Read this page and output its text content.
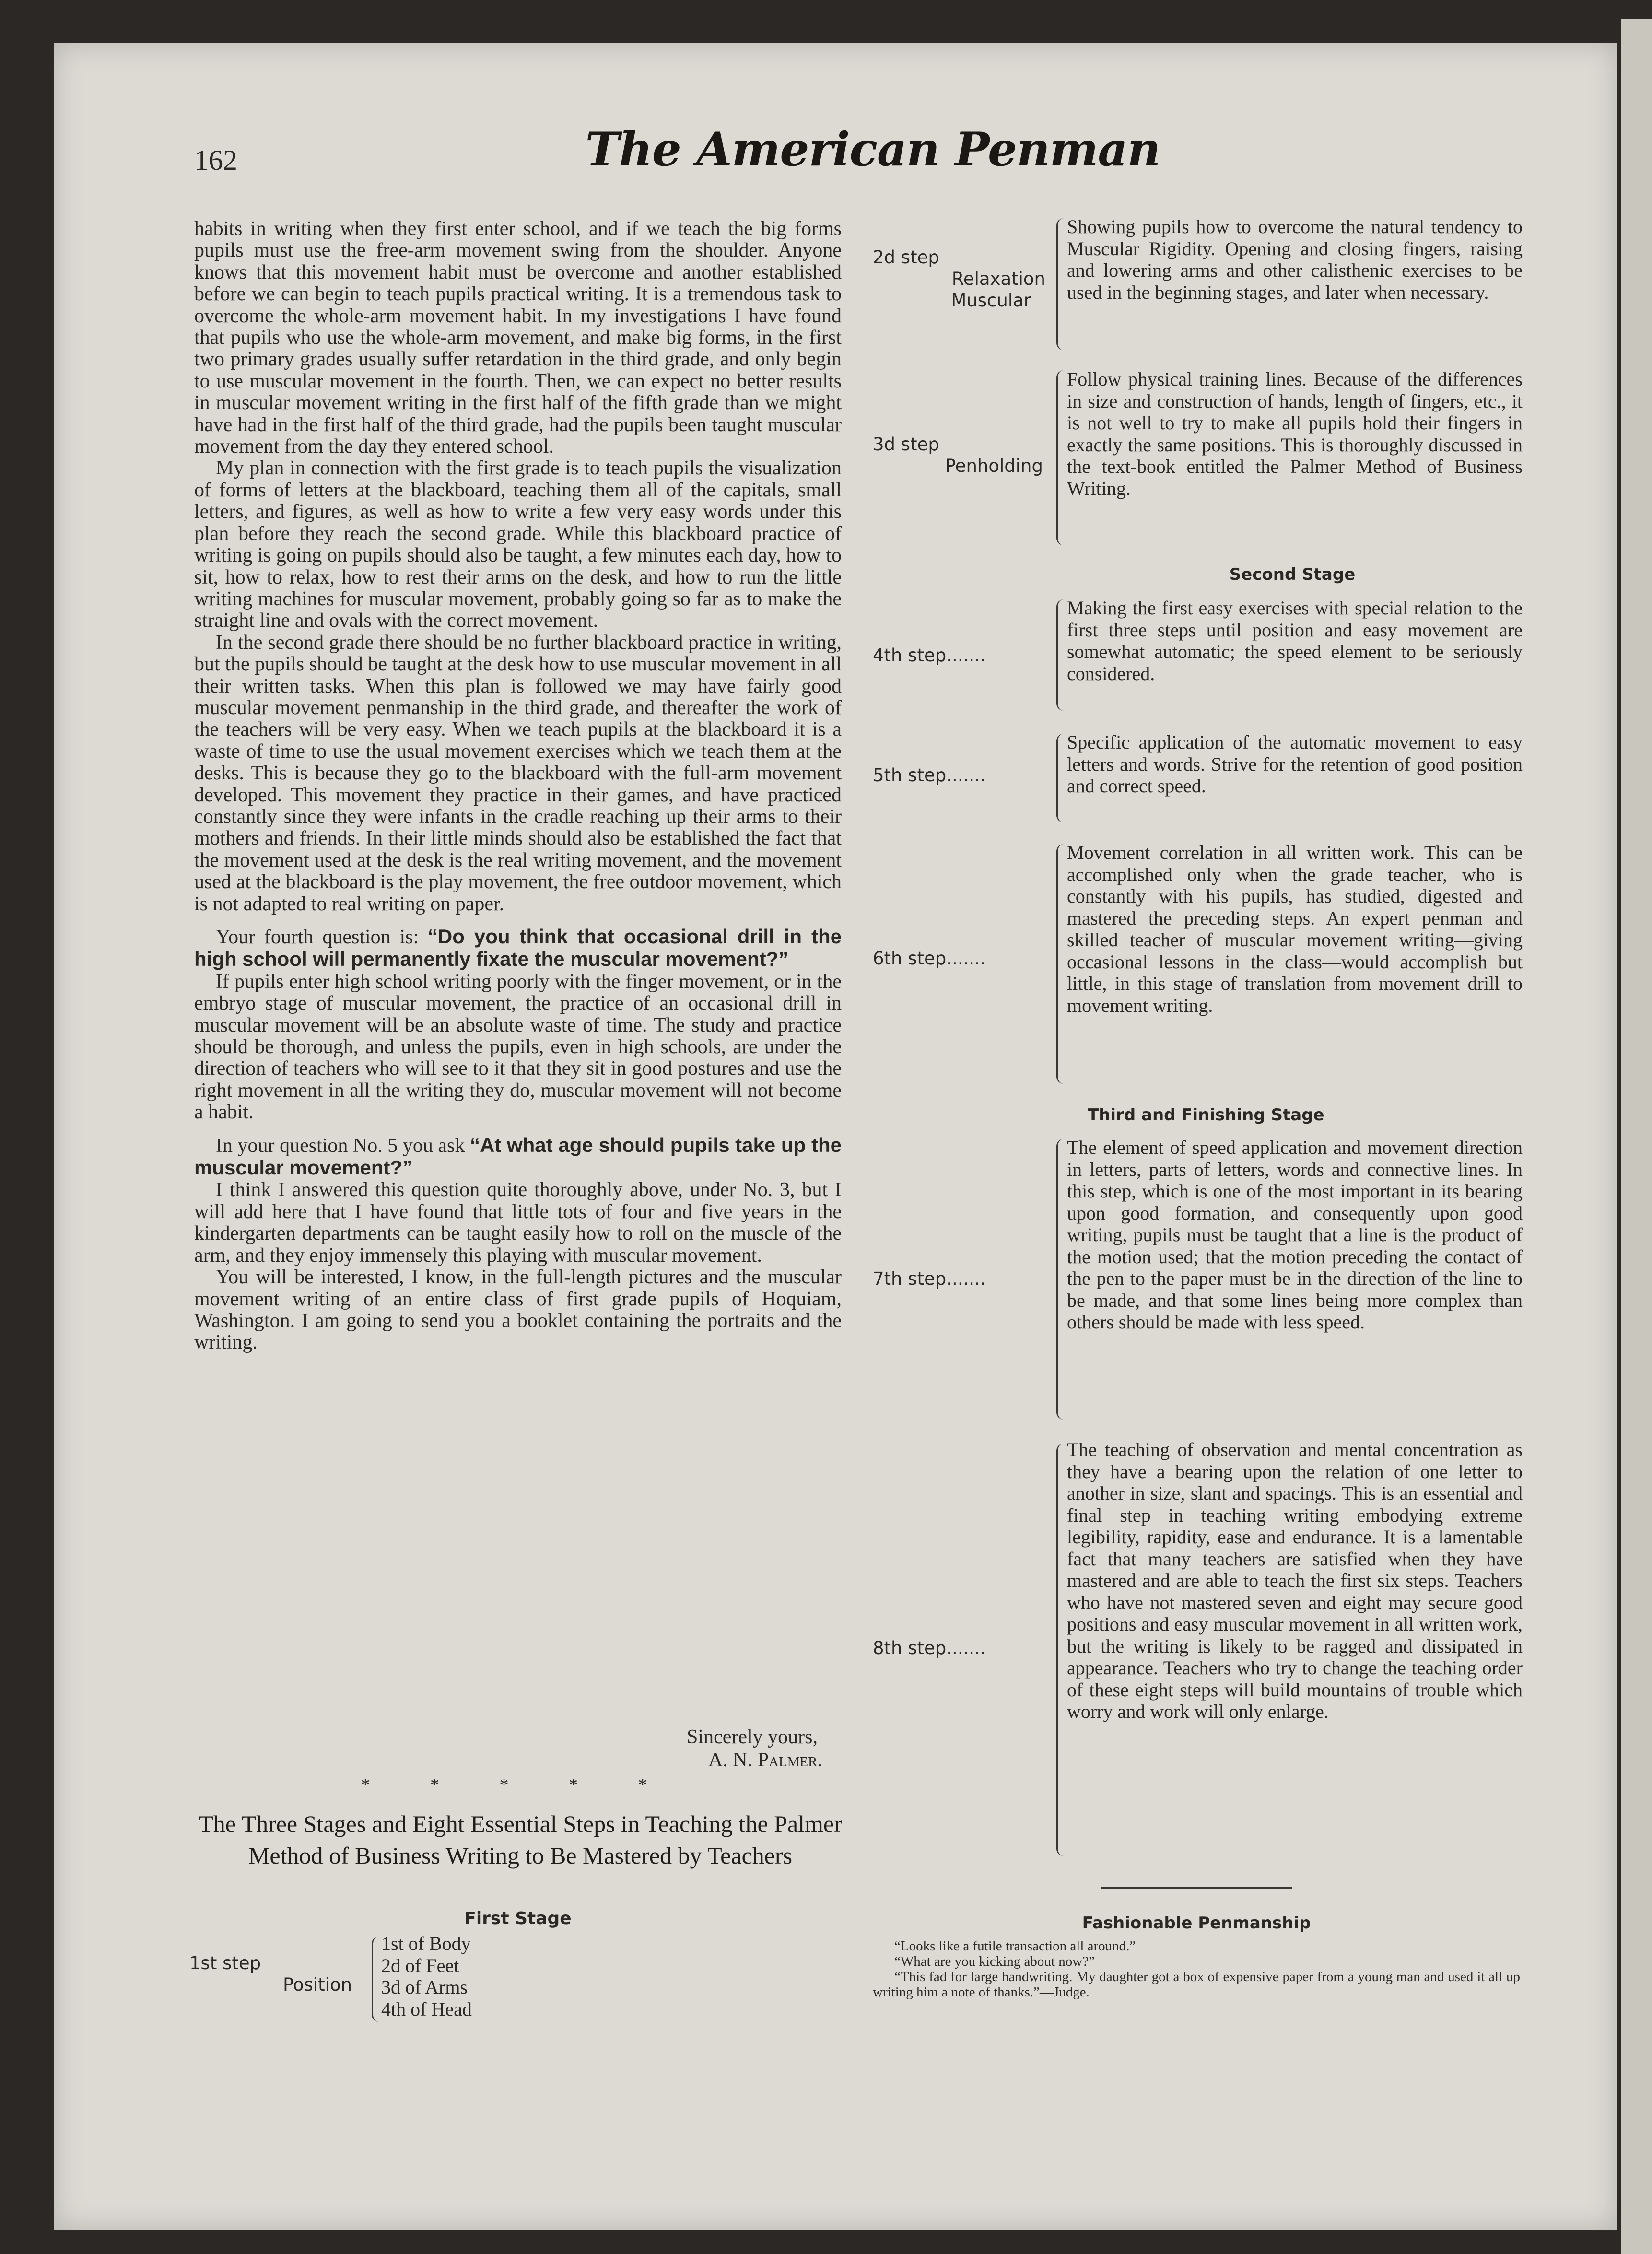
162	The American Penman

habits in writing when they first enter school, and if we teach the big forms pupils must use the free-arm movement swing from the shoulder. Anyone knows that this movement habit must be overcome and another established before we can begin to teach pupils practical writing. It is a tremendous task to overcome the whole-arm movement habit. In my investigations I have found that pupils who use the whole-arm movement, and make big forms, in the first two primary grades usually suffer retardation in the third grade, and only begin to use muscular movement in the fourth. Then, we can expect no better results in muscular movement writing in the first half of the fifth grade than we might have had in the first half of the third grade, had the pupils been taught muscular movement from the day they entered school.

My plan in connection with the first grade is to teach pupils the visualization of forms of letters at the blackboard, teaching them all of the capitals, small letters, and figures, as well as how to write a few very easy words under this plan before they reach the second grade. While this blackboard practice of writing is going on pupils should also be taught, a few minutes each day, how to sit, how to relax, how to rest their arms on the desk, and how to run the little writing machines for muscular movement, probably going so far as to make the straight line and ovals with the correct movement.

In the second grade there should be no further blackboard practice in writing, but the pupils should be taught at the desk how to use muscular movement in all their written tasks. When this plan is followed we may have fairly good muscular movement penmanship in the third grade, and thereafter the work of the teachers will be very easy. When we teach pupils at the blackboard it is a waste of time to use the usual movement exercises which we teach them at the desks. This is because they go to the blackboard with the full-arm movement developed. This movement they practice in their games, and have practiced constantly since they were infants in the cradle reaching up their arms to their mothers and friends. In their little minds should also be established the fact that the movement used at the desk is the real writing movement, and the movement used at the blackboard is the play movement, the free outdoor movement, which is not adapted to real writing on paper.

Your fourth question is: “Do you think that occasional drill in the high school will permanently fixate the muscular movement?”

If pupils enter high school writing poorly with the finger movement, or in the embryo stage of muscular movement, the practice of an occasional drill in muscular movement will be an absolute waste of time. The study and practice should be thorough, and unless the pupils, even in high schools, are under the direction of teachers who will see to it that they sit in good postures and use the right movement in all the writing they do, muscular movement will not become a habit.

In your question No. 5 you ask “At what age should pupils take up the muscular movement?”

I think I answered this question quite thoroughly above, under No. 3, but I will add here that I have found that little tots of four and five years in the kindergarten departments can be taught easily how to roll on the muscle of the arm, and they enjoy immensely this playing with muscular movement.

You will be interested, I know, in the full-length pictures and the muscular movement writing of an entire class of first grade pupils of Hoquiam, Washington. I am going to send you a booklet containing the portraits and the writing.

Sincerely yours,
A. N. Palmer.
* * * * *
The Three Stages and Eight Essential Steps in Teaching the Palmer Method of Business Writing to Be Mastered by Teachers
First Stage
1st step
Position
1st of Body
2d of Feet
3d of Arms
4th of Head
2d step
Relaxation
Muscular
Showing pupils how to overcome the natural tendency to Muscular Rigidity. Opening and closing fingers, raising and lowering arms and other calisthenic exercises to be used in the beginning stages, and later when necessary.
3d step
Penholding
Follow physical training lines. Because of the differences in size and construction of hands, length of fingers, etc., it is not well to try to make all pupils hold their fingers in exactly the same positions. This is thoroughly discussed in the text-book entitled the Palmer Method of Business Writing.
Second Stage
4th step.......
Making the first easy exercises with special relation to the first three steps until position and easy movement are somewhat automatic; the speed element to be seriously considered.
5th step.......
Specific application of the automatic movement to easy letters and words. Strive for the retention of good position and correct speed.
6th step.......
Movement correlation in all written work. This can be accomplished only when the grade teacher, who is constantly with his pupils, has studied, digested and mastered the preceding steps. An expert penman and skilled teacher of muscular movement writing—giving occasional lessons in the class—would accomplish but little, in this stage of translation from movement drill to movement writing.
Third and Finishing Stage
7th step.......
The element of speed application and movement direction in letters, parts of letters, words and connective lines. In this step, which is one of the most important in its bearing upon good formation, and consequently upon good writing, pupils must be taught that a line is the product of the motion used; that the motion preceding the contact of the pen to the paper must be in the direction of the line to be made, and that some lines being more complex than others should be made with less speed.
8th step.......
The teaching of observation and mental concentration as they have a bearing upon the relation of one letter to another in size, slant and spacings. This is an essential and final step in teaching writing embodying extreme legibility, rapidity, ease and endurance. It is a lamentable fact that many teachers are satisfied when they have mastered and are able to teach the first six steps. Teachers who have not mastered seven and eight may secure good positions and easy muscular movement in all written work, but the writing is likely to be ragged and dissipated in appearance. Teachers who try to change the teaching order of these eight steps will build mountains of trouble which worry and work will only enlarge.
Fashionable Penmanship
“Looks like a futile transaction all around.”
“What are you kicking about now?”
“This fad for large handwriting. My daughter got a box of expensive paper from a young man and used it all up writing him a note of thanks.”—Judge.
